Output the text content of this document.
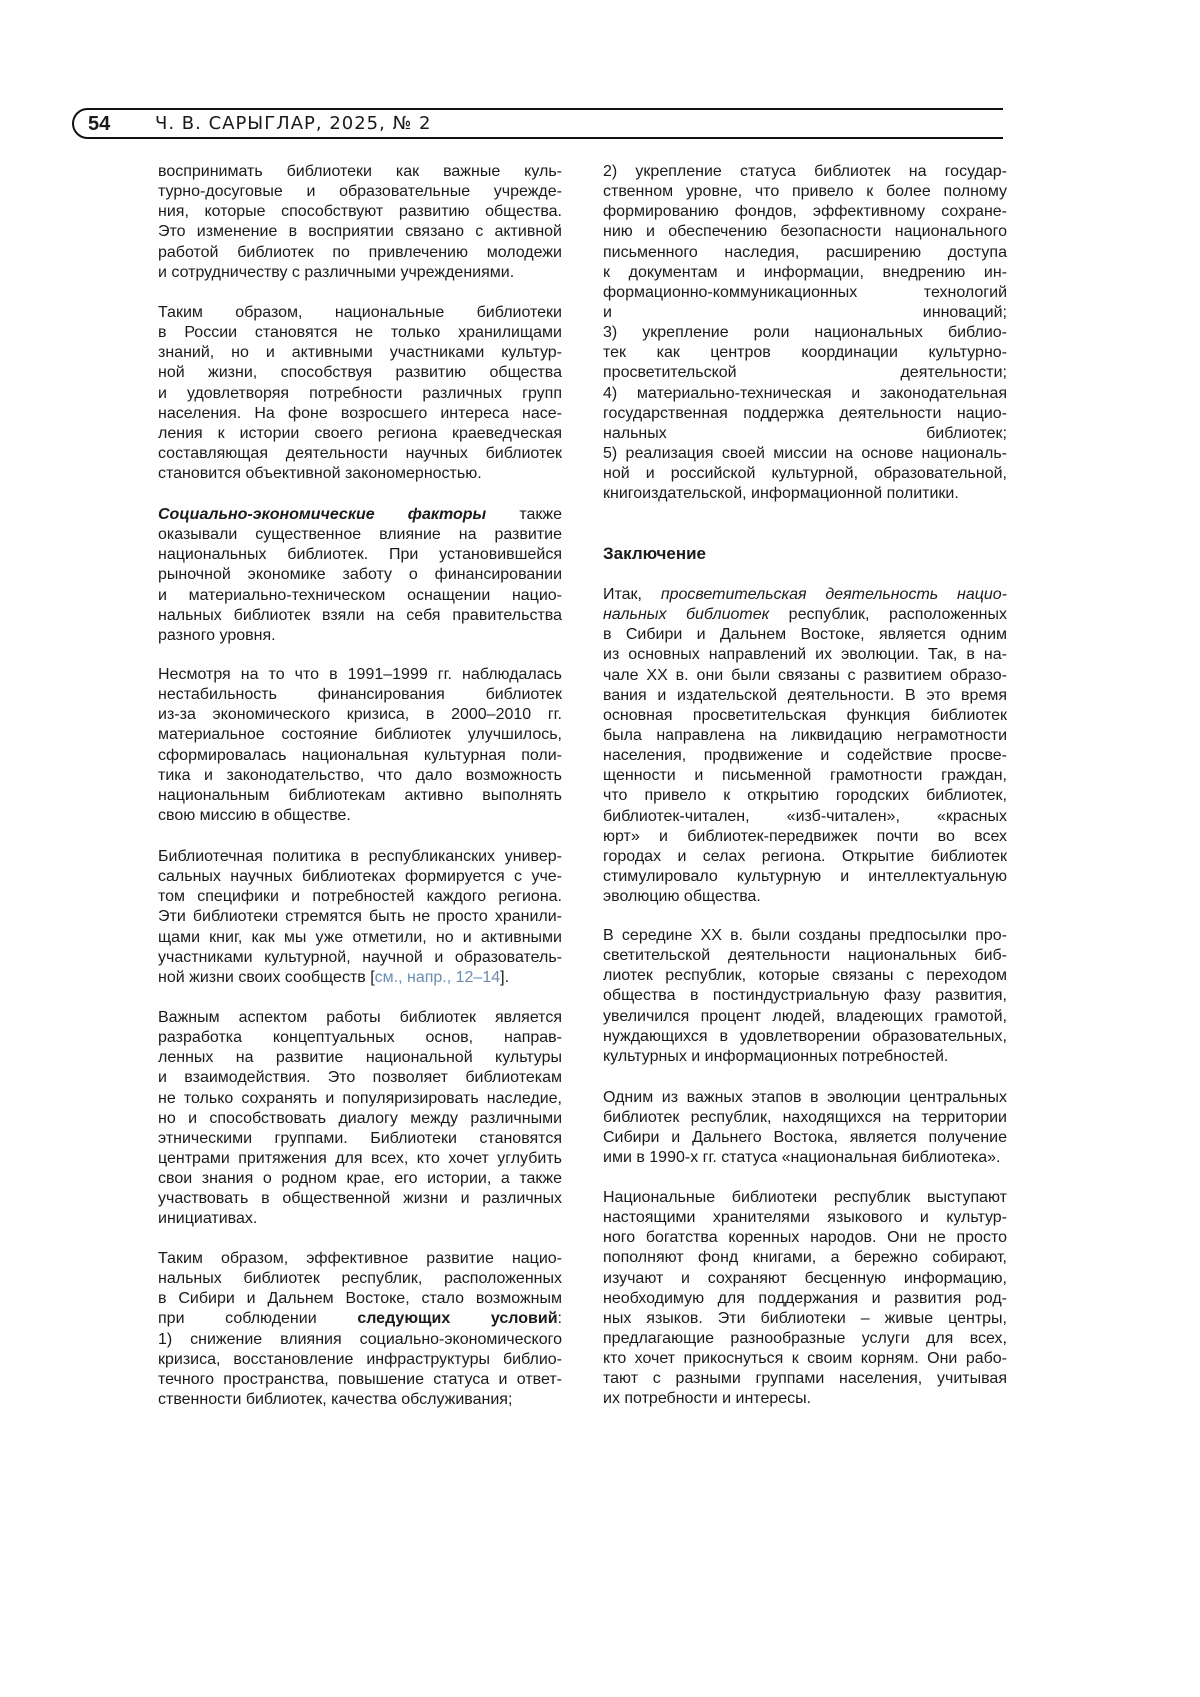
54 Ч. В. САРЫГЛАР, 2025, № 2
воспринимать библиотеки как важные куль-
турно-досуговые и образовательные учрежде-
ния, которые способствуют развитию общества.
Это изменение в восприятии связано с активной
работой библиотек по привлечению молодежи
и сотрудничеству с различными учреждениями.
Таким образом, национальные библиотеки
в России становятся не только хранилищами
знаний, но и активными участниками культур-
ной жизни, способствуя развитию общества
и удовлетворяя потребности различных групп
населения. На фоне возросшего интереса насе-
ления к истории своего региона краеведческая
составляющая деятельности научных библиотек
становится объективной закономерностью.
Социально-экономические факторы также
оказывали существенное влияние на развитие
национальных библиотек. При установившейся
рыночной экономике заботу о финансировании
и материально-техническом оснащении нацио-
нальных библиотек взяли на себя правительства
разного уровня.
Несмотря на то что в 1991–1999 гг. наблюдалась
нестабильность финансирования библиотек
из-за экономического кризиса, в 2000–2010 гг.
материальное состояние библиотек улучшилось,
сформировалась национальная культурная поли-
тика и законодательство, что дало возможность
национальным библиотекам активно выполнять
свою миссию в обществе.
Библиотечная политика в республиканских универ-
сальных научных библиотеках формируется с уче-
том специфики и потребностей каждого региона.
Эти библиотеки стремятся быть не просто хранили-
щами книг, как мы уже отметили, но и активными
участниками культурной, научной и образователь-
ной жизни своих сообществ [см., напр., 12–14].
Важным аспектом работы библиотек является
разработка концептуальных основ, направ-
ленных на развитие национальной культуры
и взаимодействия. Это позволяет библиотекам
не только сохранять и популяризировать наследие,
но и способствовать диалогу между различными
этническими группами. Библиотеки становятся
центрами притяжения для всех, кто хочет углубить
свои знания о родном крае, его истории, а также
участвовать в общественной жизни и различных
инициативах.
Таким образом, эффективное развитие нацио-
нальных библиотек республик, расположенных
в Сибири и Дальнем Востоке, стало возможным
при соблюдении следующих условий:
1) снижение влияния социально-экономического
кризиса, восстановление инфраструктуры библио-
течного пространства, повышение статуса и ответ-
ственности библиотек, качества обслуживания;
2) укрепление статуса библиотек на государ-
ственном уровне, что привело к более полному
формированию фондов, эффективному сохране-
нию и обеспечению безопасности национального
письменного наследия, расширению доступа
к документам и информации, внедрению ин-
формационно-коммуникационных технологий
и инноваций;
3) укрепление роли национальных библио-
тек как центров координации культурно-
просветительской деятельности;
4) материально-техническая и законодательная
государственная поддержка деятельности нацио-
нальных библиотек;
5) реализация своей миссии на основе националь-
ной и российской культурной, образовательной,
книгоиздательской, информационной политики.
Заключение
Итак, просветительская деятельность нацио-
нальных библиотек республик, расположенных
в Сибири и Дальнем Востоке, является одним
из основных направлений их эволюции. Так, в на-
чале XX в. они были связаны с развитием образо-
вания и издательской деятельности. В это время
основная просветительская функция библиотек
была направлена на ликвидацию неграмотности
населения, продвижение и содействие просве-
щенности и письменной грамотности граждан,
что привело к открытию городских библиотек,
библиотек-читален, «изб-читален», «красных
юрт» и библиотек-передвижек почти во всех
городах и селах региона. Открытие библиотек
стимулировало культурную и интеллектуальную
эволюцию общества.
В середине XX в. были созданы предпосылки про-
светительской деятельности национальных биб-
лиотек республик, которые связаны с переходом
общества в постиндустриальную фазу развития,
увеличился процент людей, владеющих грамотой,
нуждающихся в удовлетворении образовательных,
культурных и информационных потребностей.
Одним из важных этапов в эволюции центральных
библиотек республик, находящихся на территории
Сибири и Дальнего Востока, является получение
ими в 1990-х гг. статуса «национальная библиотека».
Национальные библиотеки республик выступают
настоящими хранителями языкового и культур-
ного богатства коренных народов. Они не просто
пополняют фонд книгами, а бережно собирают,
изучают и сохраняют бесценную информацию,
необходимую для поддержания и развития род-
ных языков. Эти библиотеки – живые центры,
предлагающие разнообразные услуги для всех,
кто хочет прикоснуться к своим корням. Они рабо-
тают с разными группами населения, учитывая
их потребности и интересы.
